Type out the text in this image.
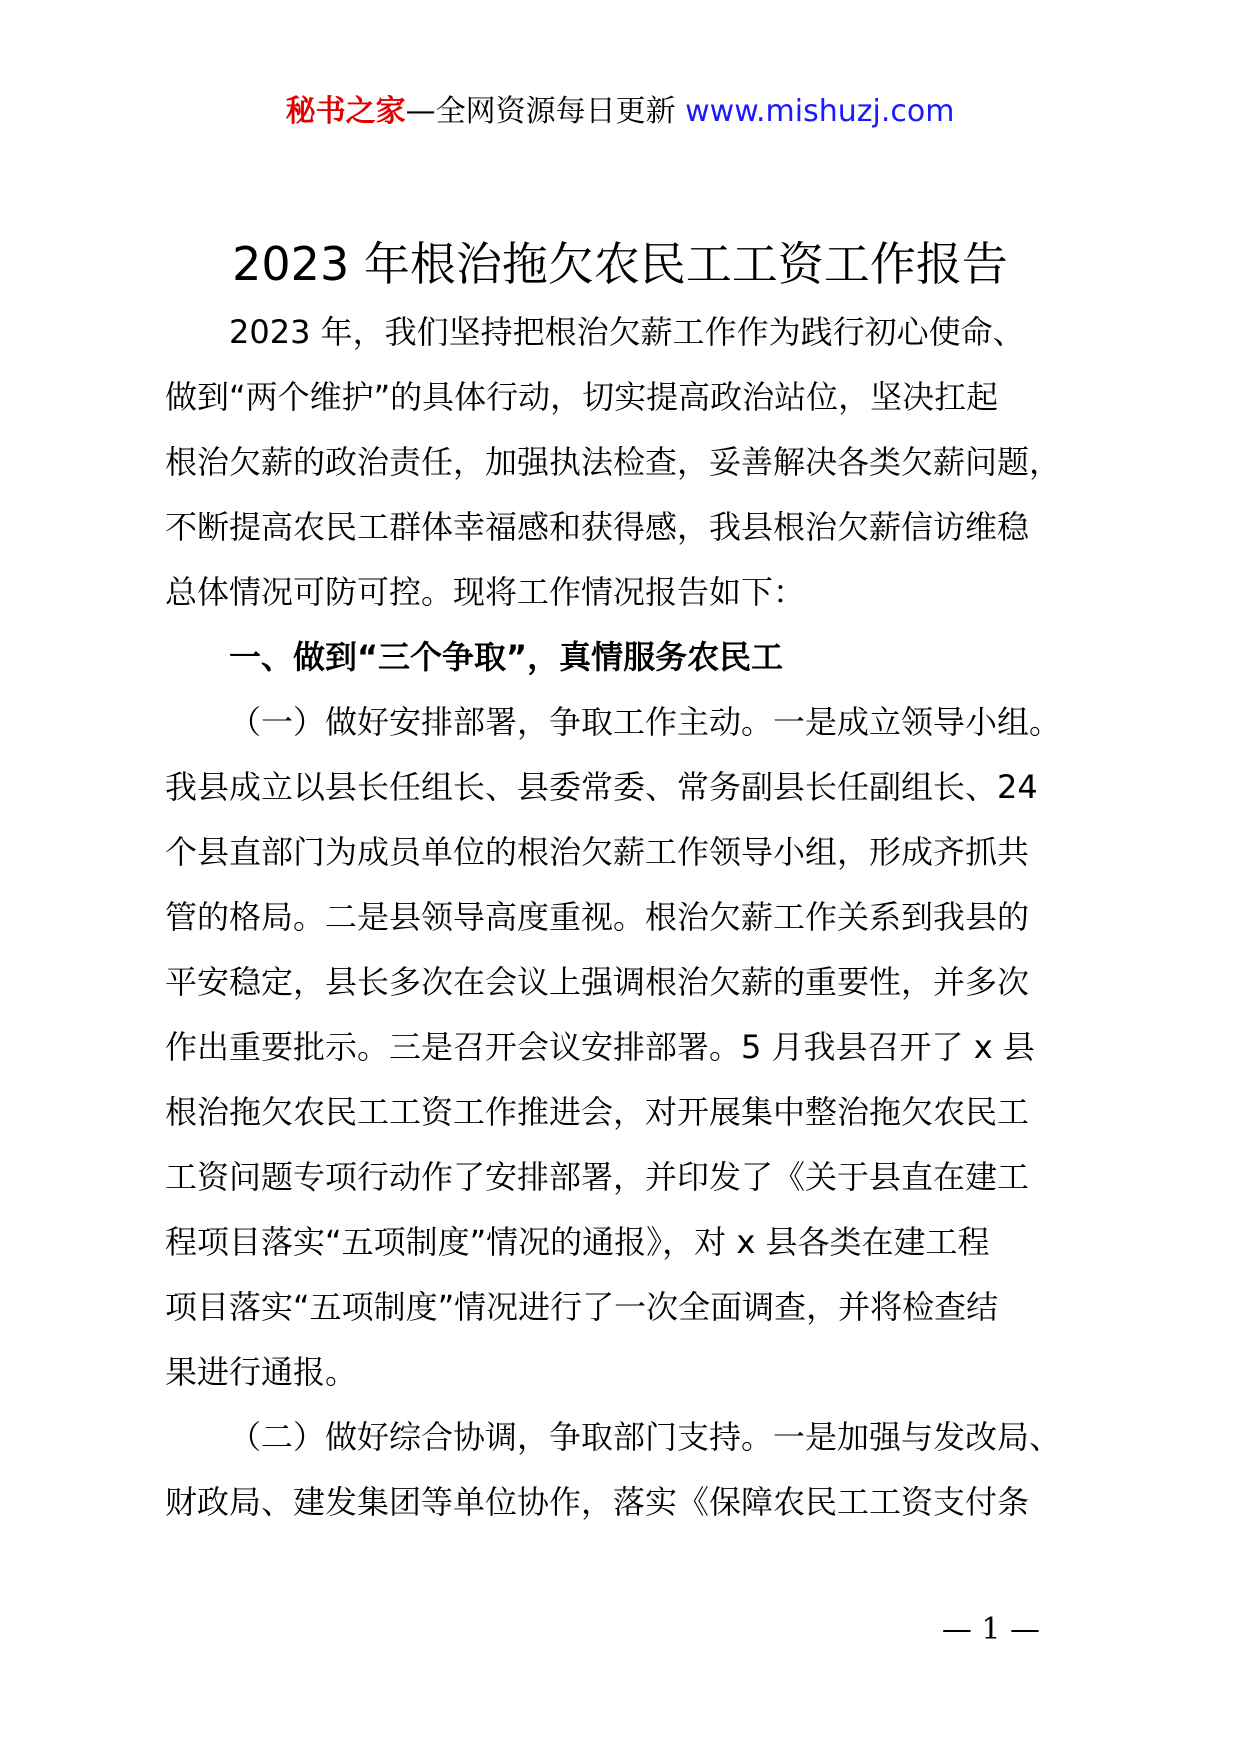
秘书之家—全网资源每日更新 www.mishuzj.com
2023 年根治拖欠农民工工资工作报告
2023 年，我们坚持把根治欠薪工作作为践行初心使命、
做到“两个维护”的具体行动，切实提高政治站位，坚决扛起
根治欠薪的政治责任，加强执法检查，妥善解决各类欠薪问题，
不断提高农民工群体幸福感和获得感，我县根治欠薪信访维稳
总体情况可防可控。现将工作情况报告如下：
一、做到“三个争取”，真情服务农民工
（一）做好安排部署，争取工作主动。一是成立领导小组。
我县成立以县长任组长、县委常委、常务副县长任副组长、24
个县直部门为成员单位的根治欠薪工作领导小组，形成齐抓共
管的格局。二是县领导高度重视。根治欠薪工作关系到我县的
平安稳定，县长多次在会议上强调根治欠薪的重要性，并多次
作出重要批示。三是召开会议安排部署。5 月我县召开了 x 县
根治拖欠农民工工资工作推进会，对开展集中整治拖欠农民工
工资问题专项行动作了安排部署，并印发了《关于县直在建工
程项目落实“五项制度”情况的通报》，对 x 县各类在建工程
项目落实“五项制度”情况进行了一次全面调查，并将检查结
果进行通报。
（二）做好综合协调，争取部门支持。一是加强与发改局、
财政局、建发集团等单位协作，落实《保障农民工工资支付条
— 1 —
